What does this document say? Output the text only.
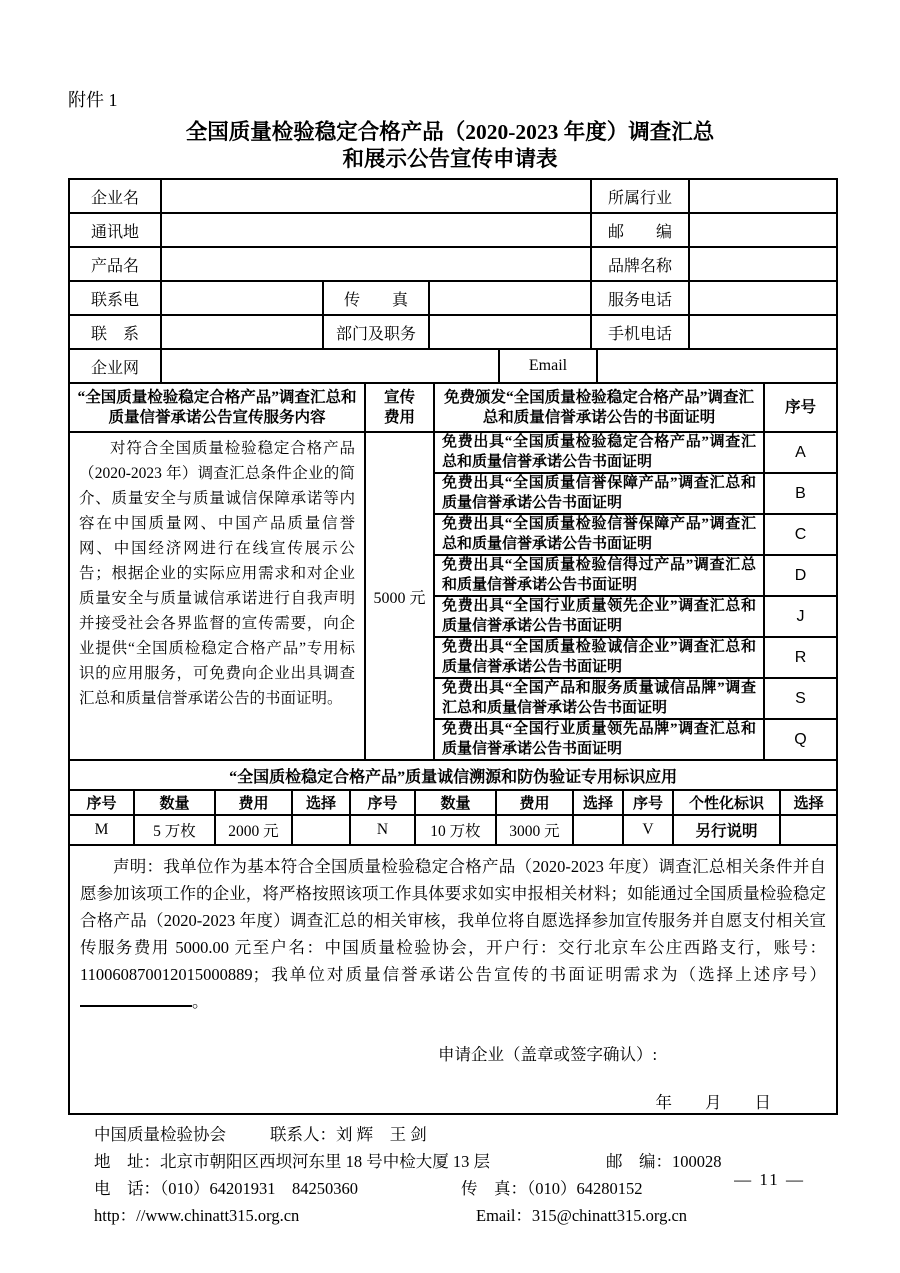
附件 1
全国质量检验稳定合格产品（2020-2023 年度）调查汇总
和展示公告宣传申请表
企业名		所属行业	
通讯地		邮　　编	
产品名		品牌名称	
联系电		传　　真		服务电话	
联　系		部门及职务		手机电话	
企业网		Email	
“全国质量检验稳定合格产品”调查汇总和质量信誉承诺公告宣传服务内容	宣传费用	免费颁发“全国质量检验稳定合格产品”调查汇总和质量信誉承诺公告的书面证明	序号

对符合全国质量检验稳定合格产品（2020-2023 年）调查汇总条件企业的简介、质量安全与质量诚信保障承诺等内容在中国质量网、中国产品质量信誉网、中国经济网进行在线宣传展示公告；根据企业的实际应用需求和对企业质量安全与质量诚信承诺进行自我声明并接受社会各界监督的宣传需要，向企业提供“全国质检稳定合格产品”专用标识的应用服务，可免费向企业出具调查汇总和质量信誉承诺公告的书面证明。	5000 元	免费出具“全国质量检验稳定合格产品”调查汇总和质量信誉承诺公告书面证明	A
		免费出具“全国质量信誉保障产品”调查汇总和质量信誉承诺公告书面证明	B
		免费出具“全国质量检验信誉保障产品”调查汇总和质量信誉承诺公告书面证明	C
		免费出具“全国质量检验信得过产品”调查汇总和质量信誉承诺公告书面证明	D
		免费出具“全国行业质量领先企业”调查汇总和质量信誉承诺公告书面证明	J
		免费出具“全国质量检验诚信企业”调查汇总和质量信誉承诺公告书面证明	R
		免费出具“全国产品和服务质量诚信品牌”调查汇总和质量信誉承诺公告书面证明	S
		免费出具“全国行业质量领先品牌”调查汇总和质量信誉承诺公告书面证明	Q
“全国质检稳定合格产品”质量诚信溯源和防伪验证专用标识应用										
序号	数量	费用	选择	序号	数量	费用	选择	序号	个性化标识	选择
M	5 万枚	2000 元		N	10 万枚	3000 元		V	另行说明	
声明：我单位作为基本符合全国质量检验稳定合格产品（2020-2023 年度）调查汇总相关条件并自愿参加该项工作的企业，将严格按照该项工作具体要求如实申报相关材料；如能通过全国质量检验稳定合格产品（2020-2023 年度）调查汇总的相关审核，我单位将自愿选择参加宣传服务并自愿支付相关宣传服务费用 5000.00 元至户名：中国质量检验协会，开户行：交行北京车公庄西路支行，账号：110060870012015000889；我单位对质量信誉承诺公告宣传的书面证明需求为（选择上述序号）。
申请企业（盖章或签字确认）:
年　　月　　日
中国质量检验协会	联系人：刘 辉　王 剑
地　址：北京市朝阳区西坝河东里 18 号中检大厦 13 层	邮　编：100028
电　话：（010）64201931　84250360	传　真：（010）64280152
http：//www.chinatt315.org.cn	Email：315@chinatt315.org.cn
— 11 —
